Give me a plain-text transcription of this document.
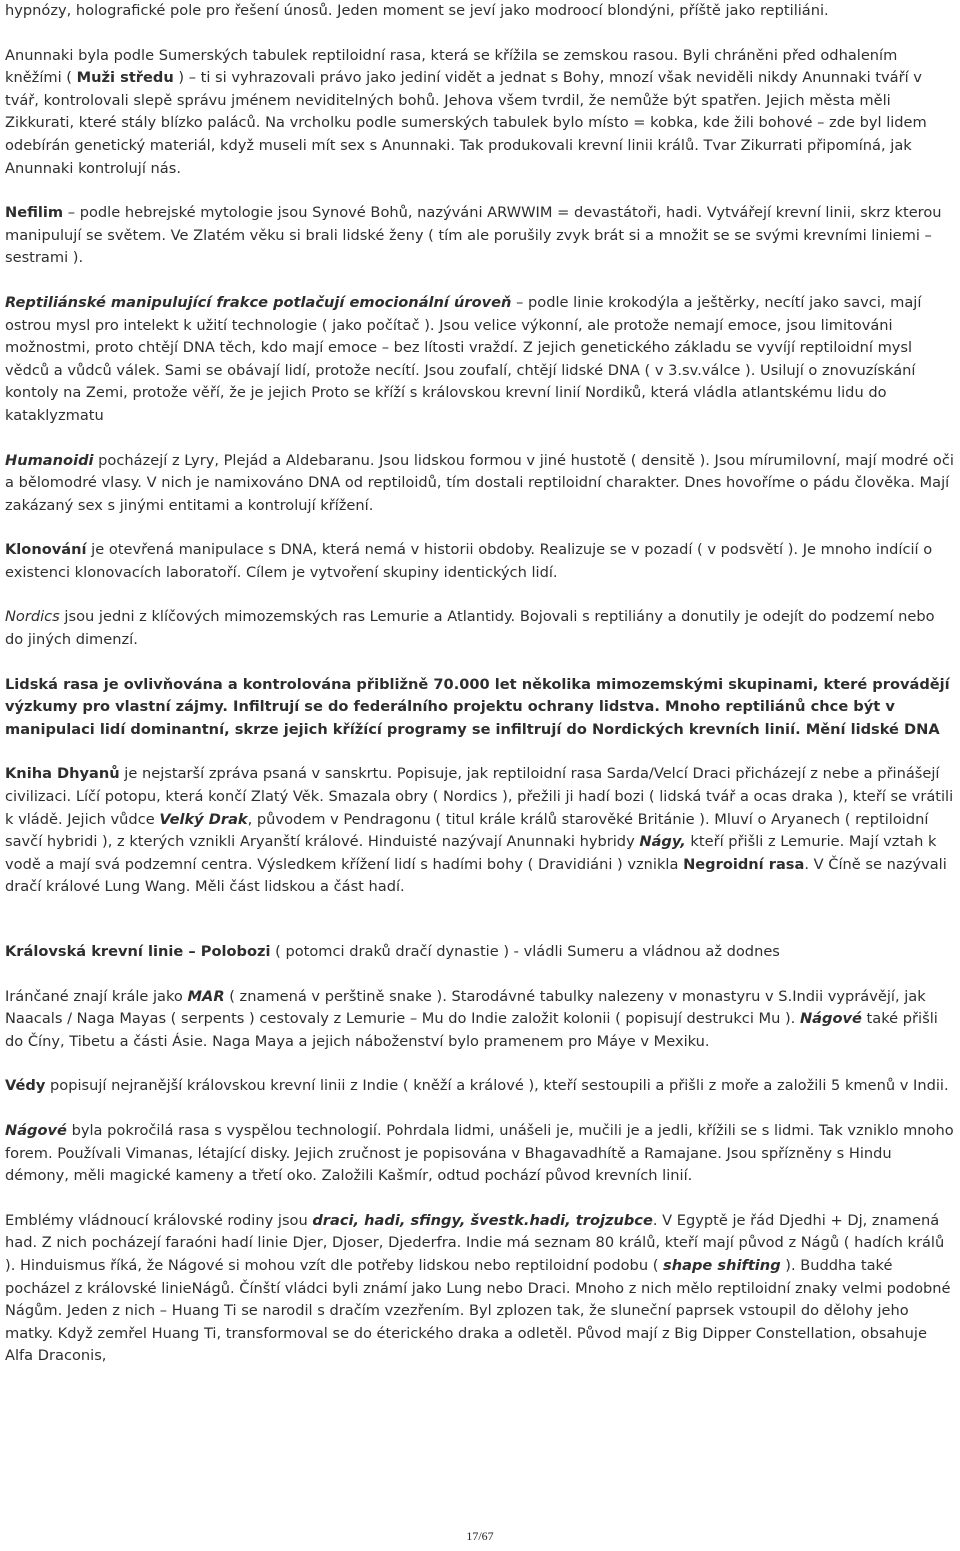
hypnózy, holografické pole pro řešení únosů. Jeden moment se jeví jako modroocí blondýni, příště jako reptiliáni.

Anunnaki byla podle Sumerských tabulek reptiloidní rasa, která se křížila se zemskou rasou. Byli chráněni před odhalením kněžími ( Muži středu ) – ti si vyhrazovali právo jako jediní vidět a jednat s Bohy, mnozí však neviděli nikdy Anunnaki tváří v tvář, kontrolovali slepě správu jménem neviditelných bohů. Jehova všem tvrdil, že nemůže být spatřen. Jejich města měli Zikkurati, které stály blízko paláců. Na vrcholku podle sumerských tabulek bylo místo = kobka, kde žili bohové – zde byl lidem odebírán genetický materiál, když museli mít sex s Anunnaki. Tak produkovali krevní linii králů. Tvar Zikurrati připomíná, jak Anunnaki kontrolují nás.

Nefilim – podle hebrejské mytologie jsou Synové Bohů, nazýváni ARWWIM = devastátoři, hadi. Vytvářejí krevní linii, skrz kterou manipulují se světem. Ve Zlatém věku si brali lidské ženy ( tím ale porušily zvyk brát si a množit se se svými krevními liniemi – sestrami ).

Reptiliánské manipulující frakce potlačují emocionální úroveň – podle linie krokodýla a ještěrky, necítí jako savci, mají ostrou mysl pro intelekt k užití technologie ( jako počítač ). Jsou velice výkonní, ale protože nemají emoce, jsou limitováni možnostmi, proto chtějí DNA těch, kdo mají emoce – bez lítosti vraždí. Z jejich genetického základu se vyvíjí reptiloidní mysl vědců a vůdců válek. Sami se obávají lidí, protože necítí. Jsou zoufalí, chtějí lidské DNA ( v 3.sv.válce ). Usilují o znovuzískání kontoly na Zemi, protože věří, že je jejich Proto se kříží s královskou krevní linií Nordiků, která vládla atlantskému lidu do kataklyzmatu

Humanoidi pocházejí z Lyry, Plejád a Aldebaranu. Jsou lidskou formou v jiné hustotě ( densitě ). Jsou mírumilovní, mají modré oči a bělomodré vlasy. V nich je namixováno DNA od reptiloidů, tím dostali reptiloidní charakter. Dnes hovoříme o pádu člověka. Mají zakázaný sex s jinými entitami a kontrolují křížení.

Klonování je otevřená manipulace s DNA, která nemá v historii obdoby. Realizuje se v pozadí ( v podsvětí ). Je mnoho indícií o existenci klonovacích laboratoří. Cílem je vytvoření skupiny identických lidí.

Nordics jsou jedni z klíčových mimozemských ras Lemurie a Atlantidy. Bojovali s reptiliány a donutily je odejít do podzemí nebo do jiných dimenzí.

Lidská rasa je ovlivňována a kontrolována přibližně 70.000 let několika mimozemskými skupinami, které provádějí výzkumy pro vlastní zájmy. Infiltrují se do federálního projektu ochrany lidstva. Mnoho reptiliánů chce být v manipulaci lidí dominantní, skrze jejich křížící programy se infiltrují do Nordických krevních linií. Mění lidské DNA

Kniha Dhyanů je nejstarší zpráva psaná v sanskrtu. Popisuje, jak reptiloidní rasa Sarda/Velcí Draci přicházejí z nebe a přinášejí civilizaci. Líčí potopu, která končí Zlatý Věk. Smazala obry ( Nordics ), přežili ji hadí bozi ( lidská tvář a ocas draka ), kteří se vrátili k vládě. Jejich vůdce Velký Drak, původem v Pendragonu ( titul krále králů starověké Británie ). Mluví o Aryanech ( reptiloidní savčí hybridi ), z kterých vznikli Aryanští králové. Hinduisté nazývají Anunnaki hybridy Nágy, kteří přišli z Lemurie. Mají vztah k vodě a mají svá podzemní centra. Výsledkem křížení lidí s hadími bohy ( Dravidiáni ) vznikla Negroidní rasa. V Číně se nazývali dračí králové Lung Wang. Měli část lidskou a část hadí.

Královská krevní linie – Polobozi ( potomci draků dračí dynastie ) - vládli Sumeru a vládnou až dodnes

Iránčané znají krále jako MAR ( znamená v perštině snake ). Starodávné tabulky nalezeny v monastyru v S.Indii vyprávějí, jak Naacals / Naga Mayas ( serpents ) cestovaly z Lemurie – Mu do Indie založit kolonii ( popisují destrukci Mu ). Nágové také přišli do Číny, Tibetu a části Ásie. Naga Maya a jejich náboženství bylo pramenem pro Máye v Mexiku.

Védy popisují nejranější královskou krevní linii z Indie ( kněží a králové ), kteří sestoupili a přišli z moře a založili 5 kmenů v Indii.

Nágové byla pokročilá rasa s vyspělou technologií. Pohrdala lidmi, unášeli je, mučili je a jedli, křížili se s lidmi. Tak vzniklo mnoho forem. Používali Vimanas, létající disky. Jejich zručnost je popisována v Bhagavadhítě a Ramajane. Jsou spřízněny s Hindu démony, měli magické kameny a třetí oko. Založili Kašmír, odtud pochází původ krevních linií.

Emblémy vládnoucí královské rodiny jsou draci, hadi, sfingy, švestk.hadi, trojzubce. V Egyptě je řád Djedhi + Dj, znamená had. Z nich pocházejí faraóni hadí linie Djer, Djoser, Djederfra. Indie má seznam 80 králů, kteří mají původ z Nágů ( hadích králů ). Hinduismus říká, že Nágové si mohou vzít dle potřeby lidskou nebo reptiloidní podobu ( shape shifting ). Buddha také pocházel z královské linieNágů. Čínští vládci byli známí jako Lung nebo Draci. Mnoho z nich mělo reptiloidní znaky velmi podobné Nágům. Jeden z nich – Huang Ti se narodil s dračím vzezřením. Byl zplozen tak, že sluneční paprsek vstoupil do dělohy jeho matky. Když zemřel Huang Ti, transformoval se do éterického draka a odletěl. Původ mají z Big Dipper Constellation, obsahuje Alfa Draconis,

17/67
